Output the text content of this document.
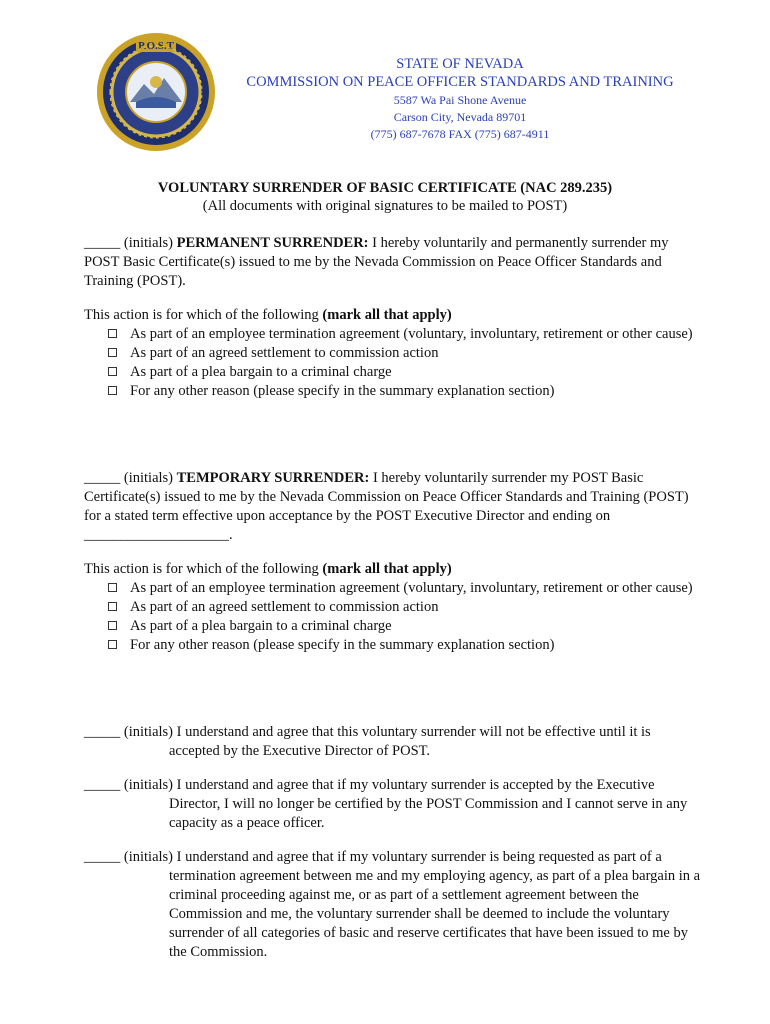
P.O.S.T
STATE OF NEVADA
COMMISSION ON PEACE OFFICER STANDARDS AND TRAINING
5587 Wa Pai Shone Avenue
Carson City, Nevada 89701
(775) 687-7678 FAX (775) 687-4911
VOLUNTARY SURRENDER OF BASIC CERTIFICATE (NAC 289.235)
(All documents with original signatures to be mailed to POST)
_____ (initials) PERMANENT SURRENDER: I hereby voluntarily and permanently surrender my POST Basic Certificate(s) issued to me by the Nevada Commission on Peace Officer Standards and Training (POST).
This action is for which of the following (mark all that apply)
As part of an employee termination agreement (voluntary, involuntary, retirement or other cause)
As part of an agreed settlement to commission action
As part of a plea bargain to a criminal charge
For any other reason (please specify in the summary explanation section)
_____ (initials) TEMPORARY SURRENDER: I hereby voluntarily surrender my POST Basic Certificate(s) issued to me by the Nevada Commission on Peace Officer Standards and Training (POST) for a stated term effective upon acceptance by the POST Executive Director and ending on ____________________.
This action is for which of the following (mark all that apply)
As part of an employee termination agreement (voluntary, involuntary, retirement or other cause)
As part of an agreed settlement to commission action
As part of a plea bargain to a criminal charge
For any other reason (please specify in the summary explanation section)
_____ (initials) I understand and agree that this voluntary surrender will not be effective until it is
accepted by the Executive Director of POST.
_____ (initials) I understand and agree that if my voluntary surrender is accepted by the Executive
Director, I will no longer be certified by the POST Commission and I cannot serve in any capacity as a peace officer.
_____ (initials) I understand and agree that if my voluntary surrender is being requested as part of a
termination agreement between me and my employing agency, as part of a plea bargain in a criminal proceeding against me, or as part of a settlement agreement between the Commission and me, the voluntary surrender shall be deemed to include the voluntary surrender of all categories of basic and reserve certificates that have been issued to me by the Commission.
